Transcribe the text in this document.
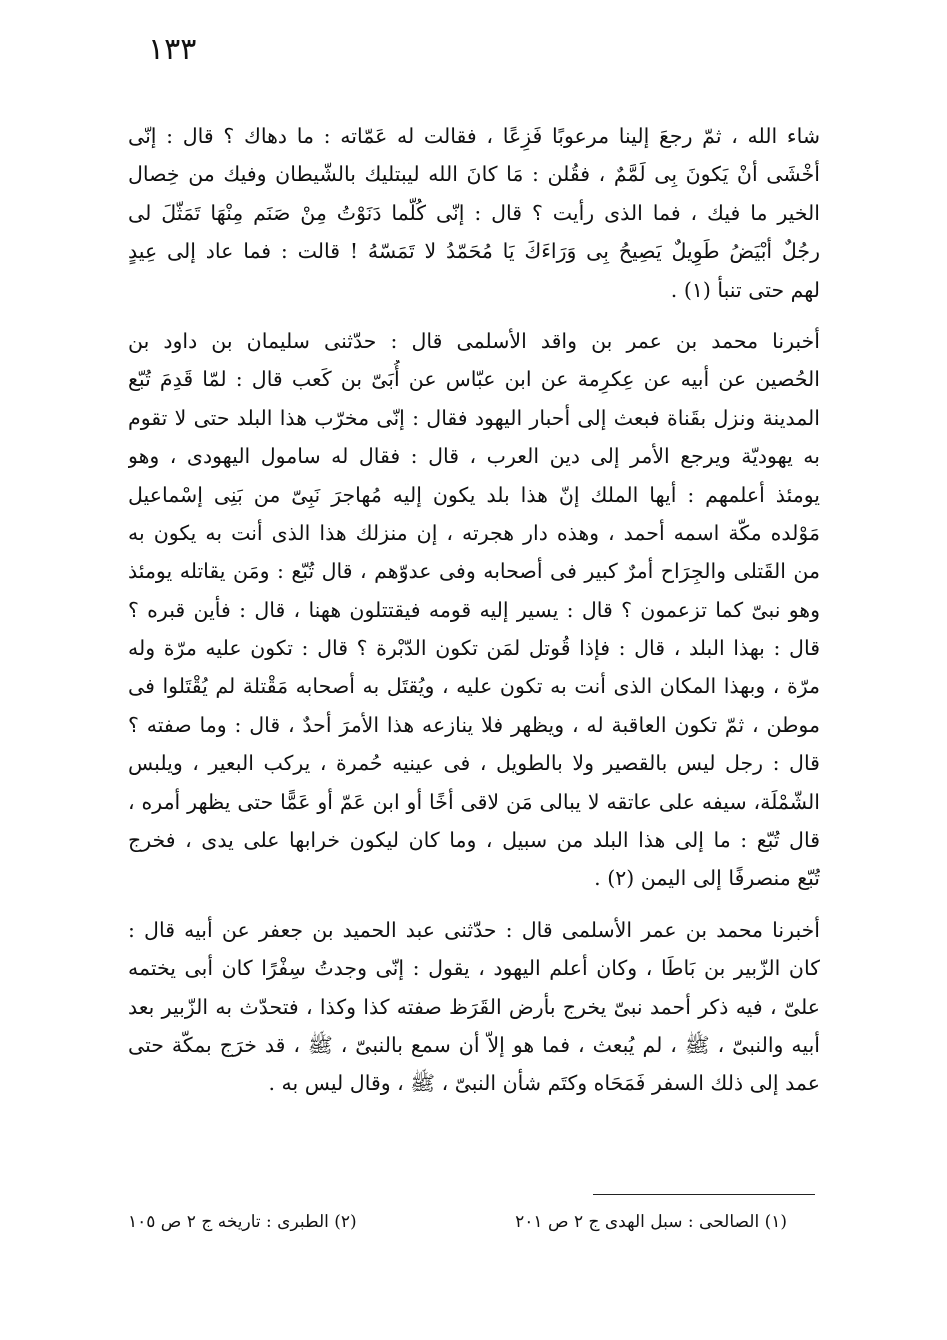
١٣٣
شاء الله ، ثمّ رجعَ إلينا مرعوبًا فَزِعًا ، فقالت له عَمّاته : ما دهاك ؟ قال : إنّى
أخْشَى أنْ يَكونَ بِى لَمَّمٌ ، فقُلن : مَا كانَ الله ليبتليك بالشّيطان وفيك من خِصال
الخير ما فيك ، فما الذى رأيت ؟ قال : إنّى كُلّما دَنَوْتُ مِنْ صَنَم مِنْهَا تَمَثّلَ لى
رجُلٌ أبْيَضُ طَوِيلٌ يَصِيحُ بِى وَرَاءَكَ يَا مُحَمّدُ لا تَمَسّهُ ! قالت : فما عاد إلى عِيدٍ
لهم حتى تنبأ (١) .
أخبرنا محمد بن عمر بن واقد الأسلمى قال : حدّثنى سليمان بن داود بن
الحُصين عن أبيه عن عِكرِمة عن ابن عبّاس عن أُبَىّ بن كَعب قال : لمّا قَدِمَ تُبّع
المدينة ونزل بقَناة فبعث إلى أحبار اليهود فقال : إنّى مخرّب هذا البلد حتى لا تقوم
به يهوديّة ويرجع الأمر إلى دين العرب ، قال : فقال له سامول اليهودى ، وهو
يومئذ أعلمهم : أيها الملك إنّ هذا بلد يكون إليه مُهاجرَ نَبِىّ من بَنِى إسْماعيل
مَوْلده مكّة اسمه أحمد ، وهذه دار هجرته ، إن منزلك هذا الذى أنت به يكون به
من القَتلى والجِرَاح أمرٌ كبير فى أصحابه وفى عدوّهم ، قال تُبّع : ومَن يقاتله يومئذ
وهو نبىّ كما تزعمون ؟ قال : يسير إليه قومه فيقتتلون ههنا ، قال : فأين قبره ؟
قال : بهذا البلد ، قال : فإذا قُوتل لمَن تكون الدّبْرة ؟ قال : تكون عليه مرّة وله
مرّة ، وبهذا المكان الذى أنت به تكون عليه ، ويُقتَل به أصحابه مَقْتلة لم يُقْتَلوا فى
موطن ، ثمّ تكون العاقبة له ، ويظهر فلا ينازعه هذا الأمرَ أحدٌ ، قال : وما صفته ؟
قال : رجل ليس بالقصير ولا بالطويل ، فى عينيه حُمرة ، يركب البعير ، ويلبس
الشّمْلَة، سيفه على عاتقه لا يبالى مَن لاقى أخًا أو ابن عَمّ أو عَمًّا حتى يظهر أمره ،
قال تُبّع : ما إلى هذا البلد من سبيل ، وما كان ليكون خرابها على يدى ، فخرج
تُبّع منصرفًا إلى اليمن (٢) .
أخبرنا محمد بن عمر الأسلمى قال : حدّثنى عبد الحميد بن جعفر عن أبيه قال :
كان الزّبير بن بَاطَا ، وكان أعلم اليهود ، يقول : إنّى وجدتُ سِفْرًا كان أبى يختمه
علىّ ، فيه ذكر أحمد نبىّ يخرج بأرض القَرَظ صفته كذا وكذا ، فتحدّث به الزّبير بعد
أبيه والنبىّ ، ﷺ ، لم يُبعث ، فما هو إلاّ أن سمع بالنبىّ ، ﷺ ، قد خرَج بمكّة حتى
عمد إلى ذلك السفر فَمَحَاه وكتَم شأن النبىّ ، ﷺ ، وقال ليس به .
(١) الصالحى : سبل الهدى ج ٢ ص ٢٠١
(٢) الطبرى : تاريخه ج ٢ ص ١٠٥
